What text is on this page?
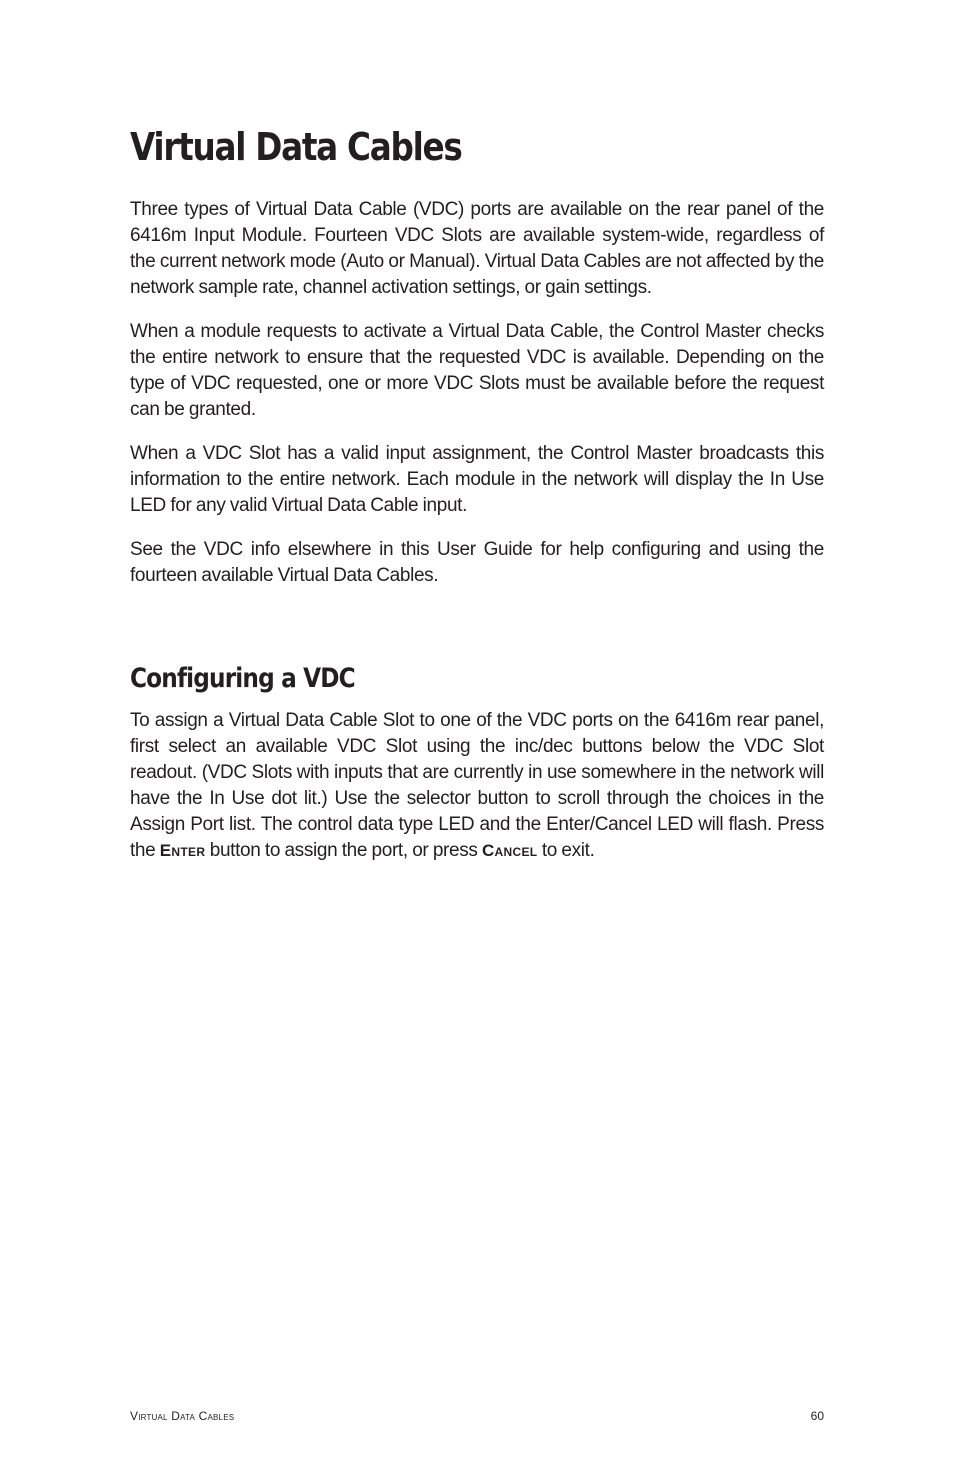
Virtual Data Cables

Three types of Virtual Data Cable (VDC) ports are available on the rear panel of the 6416m Input Module. Fourteen VDC Slots are available system-wide, regardless of the current network mode (Auto or Manual). Virtual Data Cables are not affected by the network sample rate, channel activation settings, or gain settings.

When a module requests to activate a Virtual Data Cable, the Control Master checks the entire network to ensure that the requested VDC is available. Depending on the type of VDC requested, one or more VDC Slots must be available before the request can be granted.

When a VDC Slot has a valid input assignment, the Control Master broadcasts this information to the entire network. Each module in the network will display the In Use LED for any valid Virtual Data Cable input.

See the VDC info elsewhere in this User Guide for help configuring and using the fourteen available Virtual Data Cables.

Configuring a VDC

To assign a Virtual Data Cable Slot to one of the VDC ports on the 6416m rear panel, first select an available VDC Slot using the inc/dec buttons below the VDC Slot readout. (VDC Slots with inputs that are currently in use somewhere in the network will have the In Use dot lit.) Use the selector button to scroll through the choices in the Assign Port list. The control data type LED and the Enter/Cancel LED will flash. Press the Enter button to assign the port, or press Cancel to exit.

Virtual Data Cables	60
